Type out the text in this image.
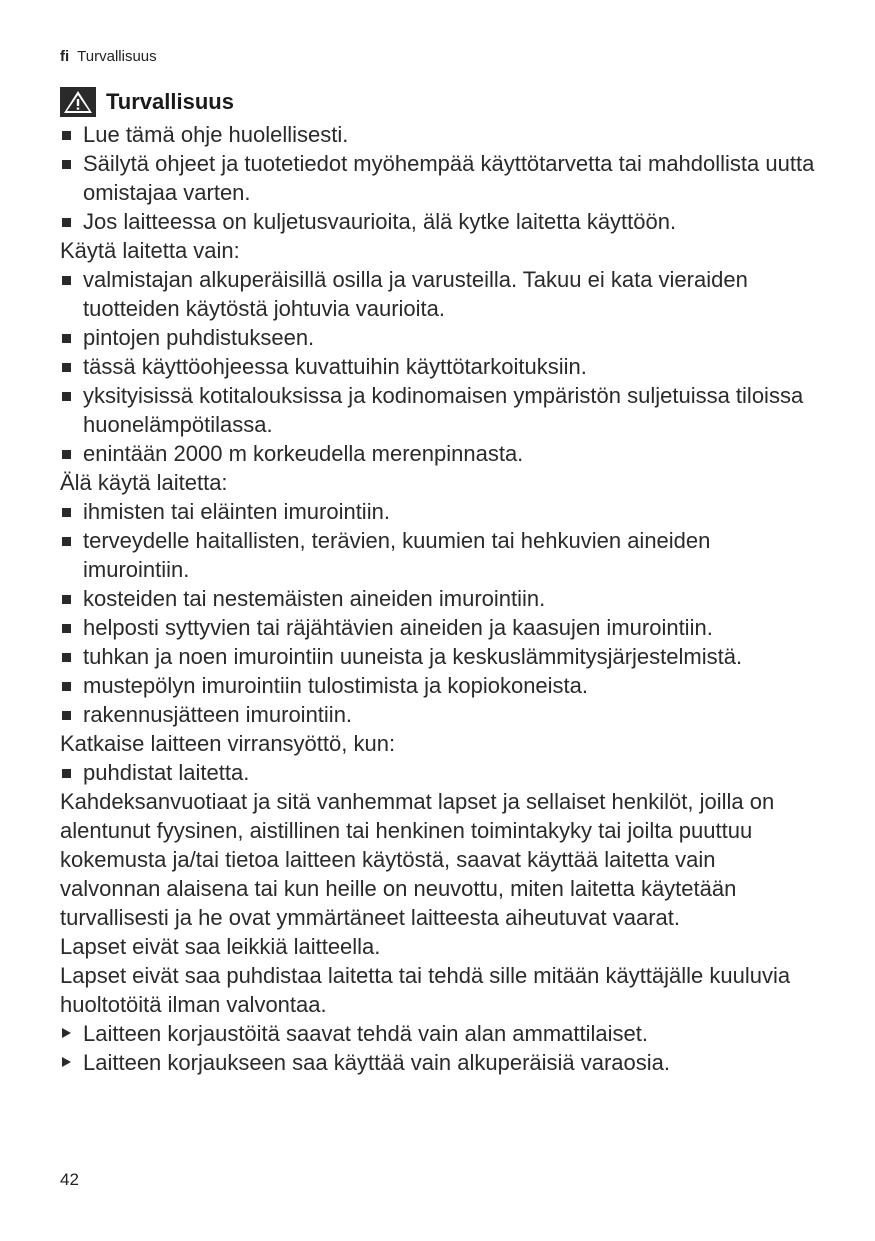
fi Turvallisuus
Turvallisuus
Lue tämä ohje huolellisesti.
Säilytä ohjeet ja tuotetiedot myöhempää käyttötarvetta tai mahdollista uutta omistajaa varten.
Jos laitteessa on kuljetusvaurioita, älä kytke laitetta käyttöön.
Käytä laitetta vain:
valmistajan alkuperäisillä osilla ja varusteilla. Takuu ei kata vieraiden tuotteiden käytöstä johtuvia vaurioita.
pintojen puhdistukseen.
tässä käyttöohjeessa kuvattuihin käyttötarkoituksiin.
yksityisissä kotitalouksissa ja kodinomaisen ympäristön suljetuissa tiloissa huonelämpötilassa.
enintään 2000 m korkeudella merenpinnasta.
Älä käytä laitetta:
ihmisten tai eläinten imurointiin.
terveydelle haitallisten, terävien, kuumien tai hehkuvien aineiden imurointiin.
kosteiden tai nestemäisten aineiden imurointiin.
helposti syttyvien tai räjähtävien aineiden ja kaasujen imurointiin.
tuhkan ja noen imurointiin uuneista ja keskuslämmitysjärjestelmistä.
mustepölyn imurointiin tulostimista ja kopiokoneista.
rakennusjätteen imurointiin.
Katkaise laitteen virransyöttö, kun:
puhdistat laitetta.
Kahdeksanvuotiaat ja sitä vanhemmat lapset ja sellaiset henkilöt, joilla on alentunut fyysinen, aistillinen tai henkinen toimintakyky tai joilta puuttuu kokemusta ja/tai tietoa laitteen käytöstä, saavat käyttää laitetta vain valvonnan alaisena tai kun heille on neuvottu, miten laitetta käytetään turvallisesti ja he ovat ymmärtäneet laitteesta aiheutuvat vaarat.
Lapset eivät saa leikkiä laitteella.
Lapset eivät saa puhdistaa laitetta tai tehdä sille mitään käyttäjälle kuuluvia huoltotöitä ilman valvontaa.
Laitteen korjaustöitä saavat tehdä vain alan ammattilaiset.
Laitteen korjaukseen saa käyttää vain alkuperäisiä varaosia.
42
